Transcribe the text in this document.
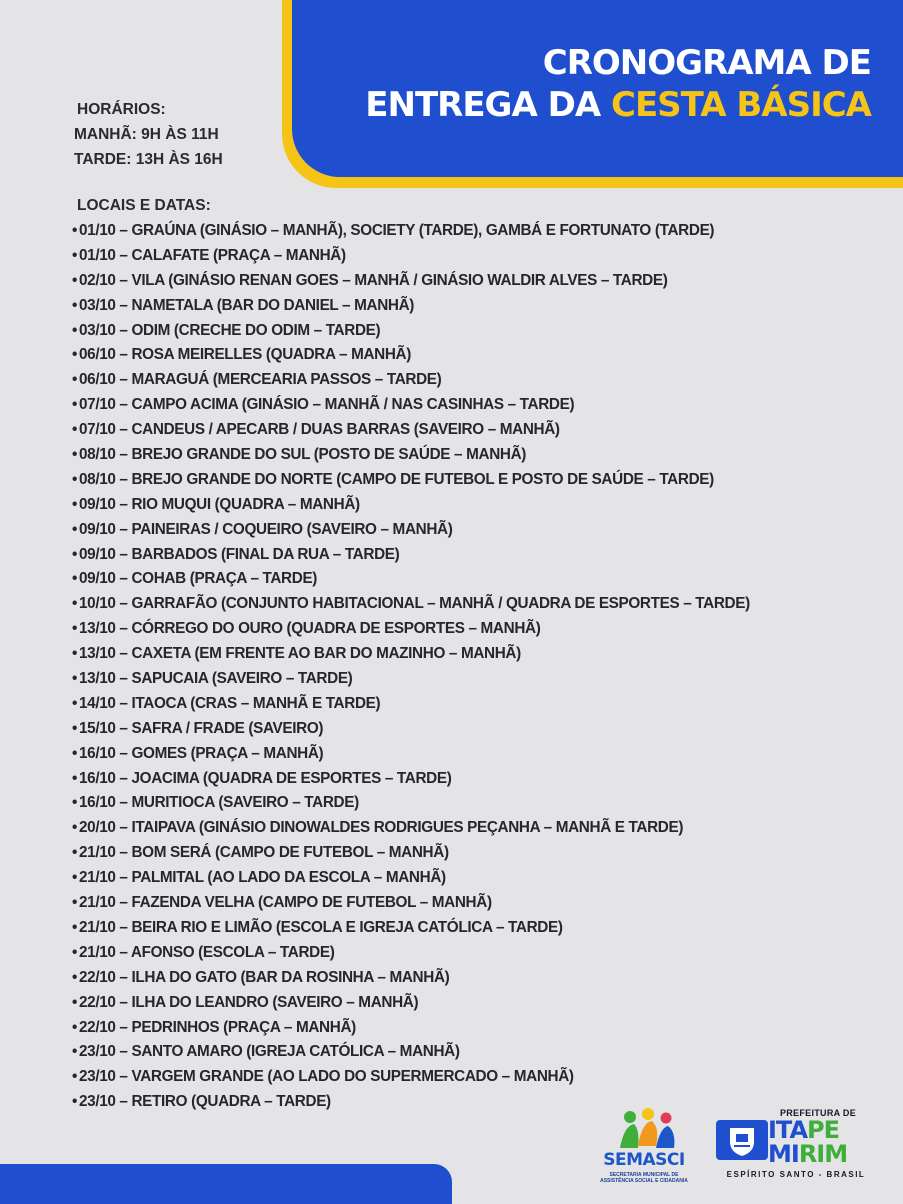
CRONOGRAMA DE
ENTREGA DA CESTA BÁSICA
HORÁRIOS:
MANHÃ: 9H ÀS 11H
TARDE: 13H ÀS 16H
LOCAIS E DATAS:
• 01/10 – GRAÚNA (GINÁSIO – MANHÃ), SOCIETY (TARDE), GAMBÁ E FORTUNATO (TARDE)
• 01/10 – CALAFATE (PRAÇA – MANHÃ)
• 02/10 – VILA (GINÁSIO RENAN GOES – MANHÃ / GINÁSIO WALDIR ALVES – TARDE)
• 03/10 – NAMETALA (BAR DO DANIEL – MANHÃ)
• 03/10 – ODIM (CRECHE DO ODIM – TARDE)
• 06/10 – ROSA MEIRELLES (QUADRA – MANHÃ)
• 06/10 – MARAGUÁ (MERCEARIA PASSOS – TARDE)
• 07/10 – CAMPO ACIMA (GINÁSIO – MANHÃ / NAS CASINHAS – TARDE)
• 07/10 – CANDEUS / APECARB / DUAS BARRAS (SAVEIRO – MANHÃ)
• 08/10 – BREJO GRANDE DO SUL (POSTO DE SAÚDE – MANHÃ)
• 08/10 – BREJO GRANDE DO NORTE (CAMPO DE FUTEBOL E POSTO DE SAÚDE – TARDE)
• 09/10 – RIO MUQUI (QUADRA – MANHÃ)
• 09/10 – PAINEIRAS / COQUEIRO (SAVEIRO – MANHÃ)
• 09/10 – BARBADOS (FINAL DA RUA – TARDE)
• 09/10 – COHAB (PRAÇA – TARDE)
• 10/10 – GARRAFÃO (CONJUNTO HABITACIONAL – MANHÃ / QUADRA DE ESPORTES – TARDE)
• 13/10 – CÓRREGO DO OURO (QUADRA DE ESPORTES – MANHÃ)
• 13/10 – CAXETA (EM FRENTE AO BAR DO MAZINHO – MANHÃ)
• 13/10 – SAPUCAIA (SAVEIRO – TARDE)
• 14/10 – ITAOCA (CRAS – MANHÃ E TARDE)
• 15/10 – SAFRA / FRADE (SAVEIRO)
• 16/10 – GOMES (PRAÇA – MANHÃ)
• 16/10 – JOACIMA (QUADRA DE ESPORTES – TARDE)
• 16/10 – MURITIOCA (SAVEIRO – TARDE)
• 20/10 – ITAIPAVA (GINÁSIO DINOWALDES RODRIGUES PEÇANHA – MANHÃ E TARDE)
• 21/10 – BOM SERÁ (CAMPO DE FUTEBOL – MANHÃ)
• 21/10 – PALMITAL (AO LADO DA ESCOLA – MANHÃ)
• 21/10 – FAZENDA VELHA (CAMPO DE FUTEBOL – MANHÃ)
• 21/10 – BEIRA RIO E LIMÃO (ESCOLA E IGREJA CATÓLICA – TARDE)
• 21/10 – AFONSO (ESCOLA – TARDE)
• 22/10 – ILHA DO GATO (BAR DA ROSINHA – MANHÃ)
• 22/10 – ILHA DO LEANDRO (SAVEIRO – MANHÃ)
• 22/10 – PEDRINHOS (PRAÇA – MANHÃ)
• 23/10 – SANTO AMARO (IGREJA CATÓLICA – MANHÃ)
• 23/10 – VARGEM GRANDE (AO LADO DO SUPERMERCADO – MANHÃ)
• 23/10 – RETIRO (QUADRA – TARDE)
SEMASCI
SECRETARIA MUNICIPAL DE ASSISTÊNCIA SOCIAL E CIDADANIA
PREFEITURA DE
ITAPE
MIRIM
ESPÍRITO SANTO - BRASIL
